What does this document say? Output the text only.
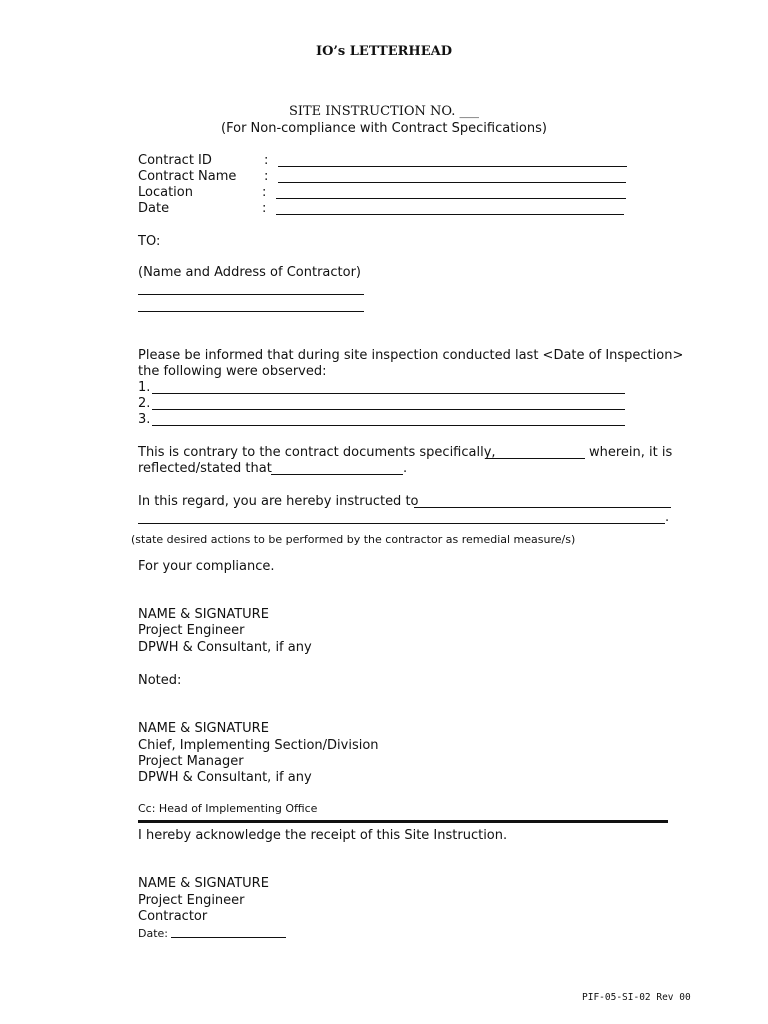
IO’s LETTERHEAD
SITE INSTRUCTION NO. ___
(For Non-compliance with Contract Specifications)
Contract ID	:
Contract Name :
Location	:
Date	:
TO:
(Name and Address of Contractor)
Please be informed that during site inspection conducted last <Date of Inspection>
the following were observed:
1.
2.
3.
This is contrary to the contract documents specifically,	wherein, it is
reflected/stated that	.
In this regard, you are hereby instructed to
.
(state desired actions to be performed by the contractor as remedial measure/s)
For your compliance.
NAME & SIGNATURE
Project Engineer
DPWH & Consultant, if any
Noted:
NAME & SIGNATURE
Chief, Implementing Section/Division
Project Manager
DPWH & Consultant, if any
Cc: Head of Implementing Office
I hereby acknowledge the receipt of this Site Instruction.
NAME & SIGNATURE
Project Engineer
Contractor
Date:
PIF-05-SI-02 Rev 00
